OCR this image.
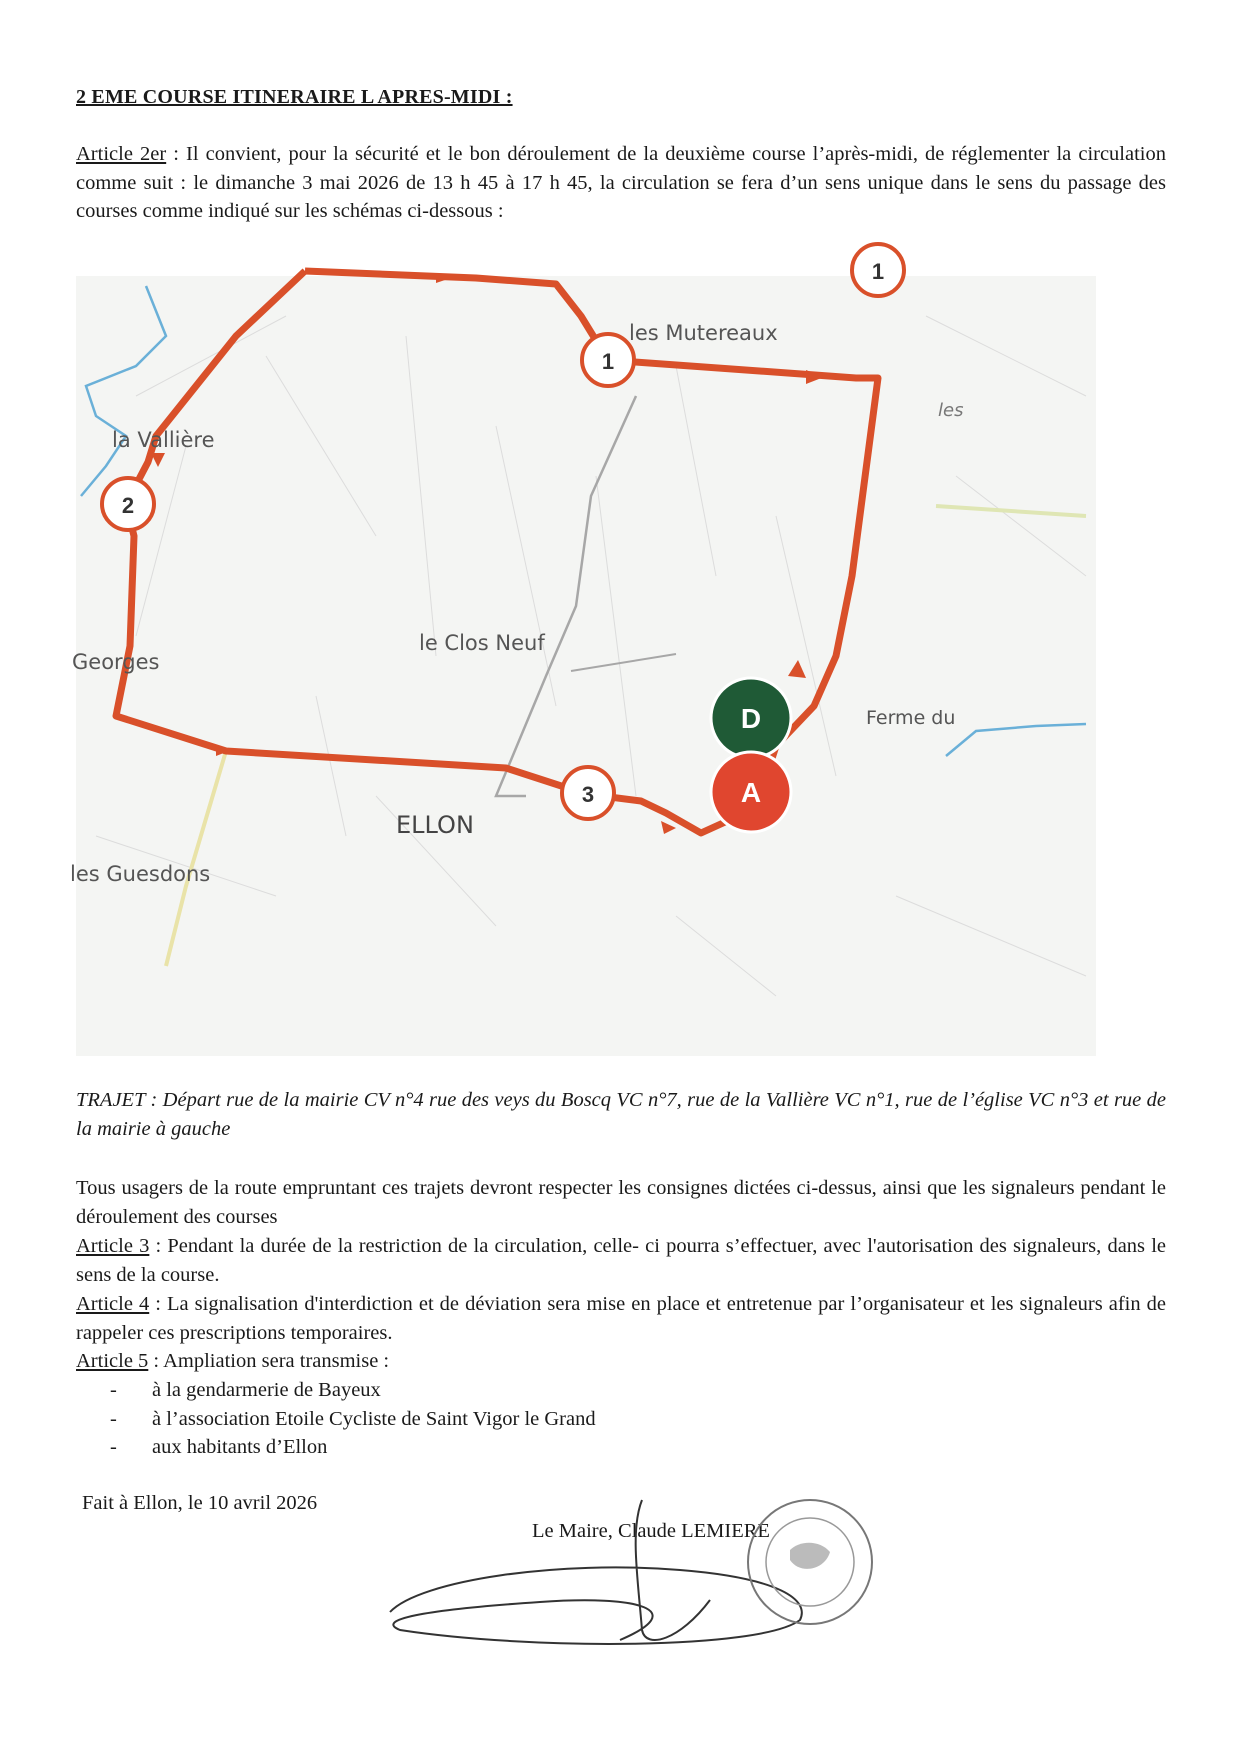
2 EME COURSE ITINERAIRE L APRES-MIDI :
Article 2er : Il convient, pour la sécurité et le bon déroulement de la deuxième course l’après-midi, de réglementer la circulation comme suit : le dimanche 3 mai 2026 de 13 h 45 à 17 h 45, la circulation se fera d’un sens unique dans le sens du passage des courses comme indiqué sur les schémas ci-dessous :
1
1
2
3
D
A
les Mutereaux
les
la Vallière
Georges
le Clos Neuf
Ferme du
ELLON
les Guesdons
TRAJET : Départ rue de la mairie CV n°4 rue des veys du Boscq VC n°7, rue de la Vallière VC n°1, rue de l’église VC n°3 et rue de la mairie à gauche
Tous usagers de la route empruntant ces trajets devront respecter les consignes dictées ci-dessus, ainsi que les signaleurs pendant le déroulement des courses
Article 3 : Pendant la durée de la restriction de la circulation, celle- ci pourra s’effectuer, avec l'autorisation des signaleurs, dans le sens de la course.
Article 4 : La signalisation d'interdiction et de déviation sera mise en place et entretenue par l’organisateur et les signaleurs afin de rappeler ces prescriptions temporaires.
Article 5 : Ampliation sera transmise :
-	à la gendarmerie de Bayeux
-	à l’association Etoile Cycliste de Saint Vigor le Grand
-	aux habitants d’Ellon
Fait à Ellon, le 10 avril 2026
Le Maire, Claude LEMIERE
